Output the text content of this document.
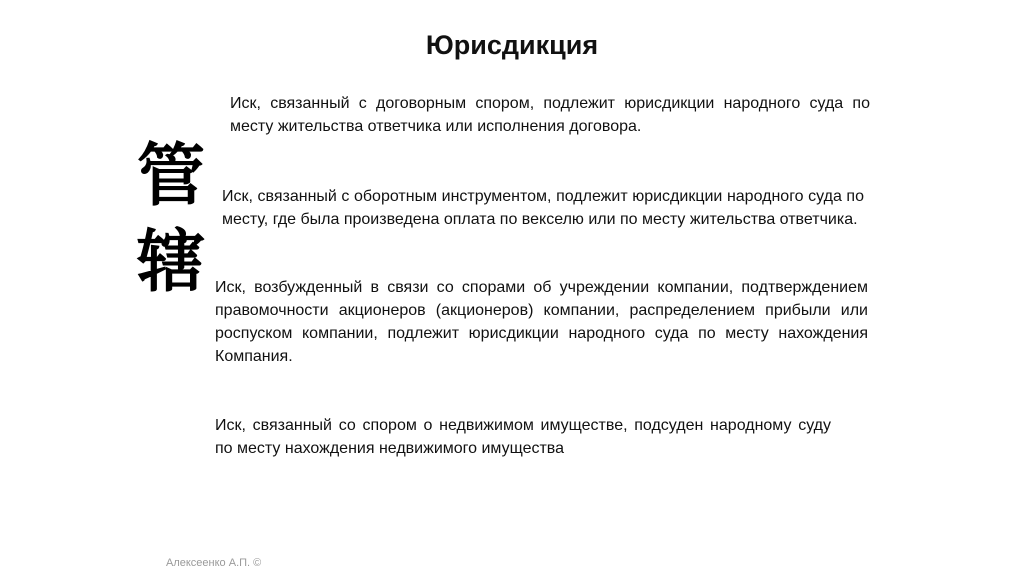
Юрисдикция
管
辖

Иск, связанный с договорным спором, подлежит юрисдикции народного суда по месту жительства ответчика или исполнения договора.

Иск, связанный с оборотным инструментом, подлежит юрисдикции народного суда по месту, где была произведена оплата по векселю или по месту жительства ответчика.

Иск, возбужденный в связи со спорами об учреждении компании, подтверждением правомочности акционеров (акционеров) компании, распределением прибыли или роспуском компании, подлежит юрисдикции народного суда по месту нахождения Компания.

Иск, связанный со спором о недвижимом имуществе, подсуден народному суду по месту нахождения недвижимого имущества

Алексеенко А.П. ©
